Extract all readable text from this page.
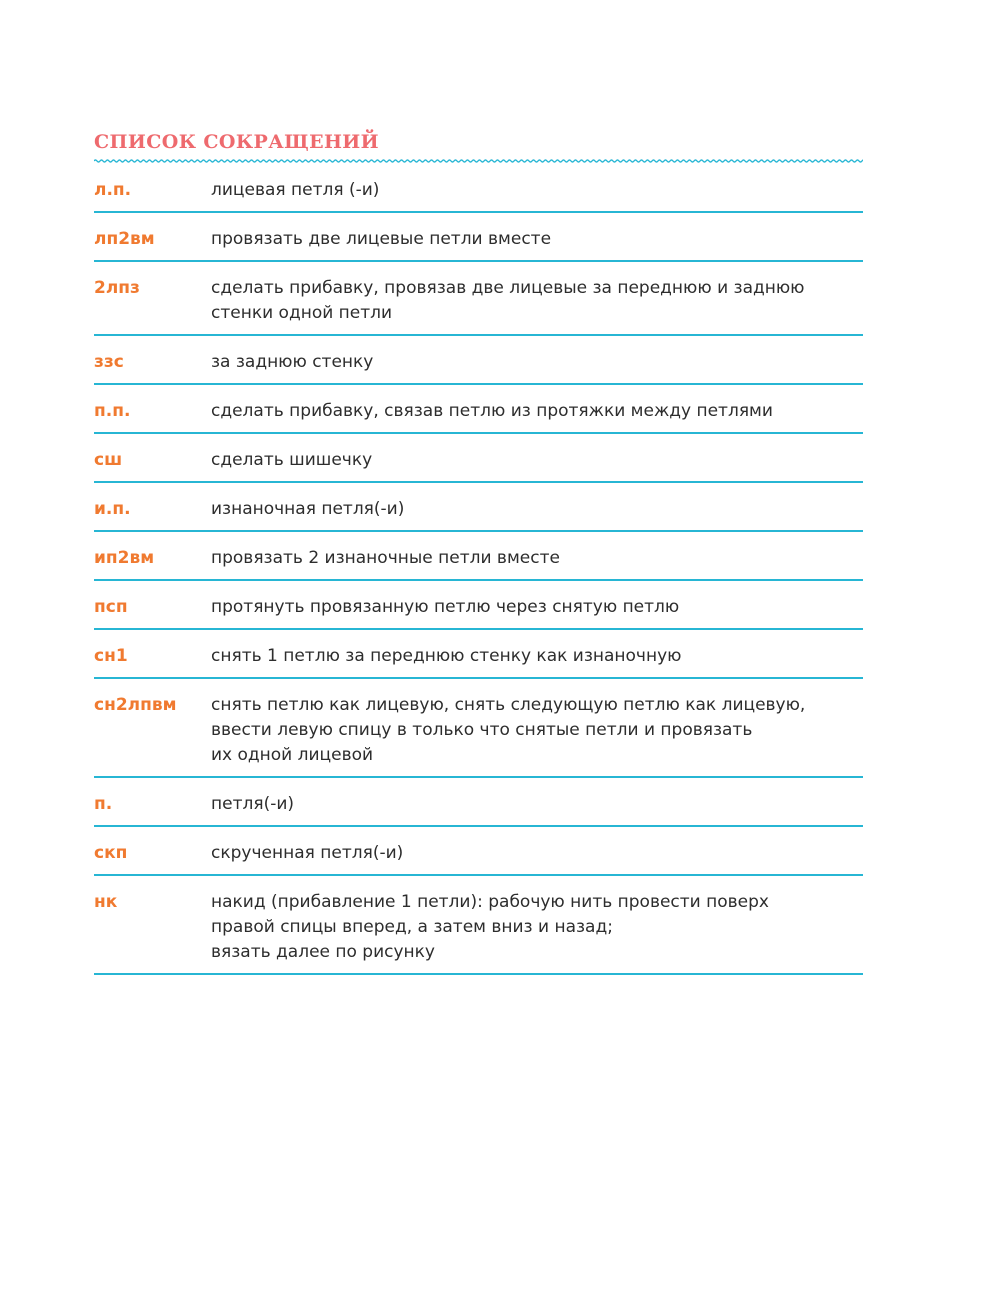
СПИСОК СОКРАЩЕНИЙ
л.п.	лицевая петля (-и)
лп2вм	провязать две лицевые петли вместе
2лпз	сделать прибавку, провязав две лицевые за переднюю и заднюю
стенки одной петли
ззс	за заднюю стенку
п.п.	сделать прибавку, связав петлю из протяжки между петлями
сш	сделать шишечку
и.п.	изнаночная петля(-и)
ип2вм	провязать 2 изнаночные петли вместе
псп	протянуть провязанную петлю через снятую петлю
сн1	снять 1 петлю за переднюю стенку как изнаночную
сн2лпвм	снять петлю как лицевую, снять следующую петлю как лицевую,
ввести левую спицу в только что снятые петли и провязать
их одной лицевой
п.	петля(-и)
скп	скрученная петля(-и)
нк	накид (прибавление 1 петли): рабочую нить провести поверх
правой спицы вперед, а затем вниз и назад;
вязать далее по рисунку
